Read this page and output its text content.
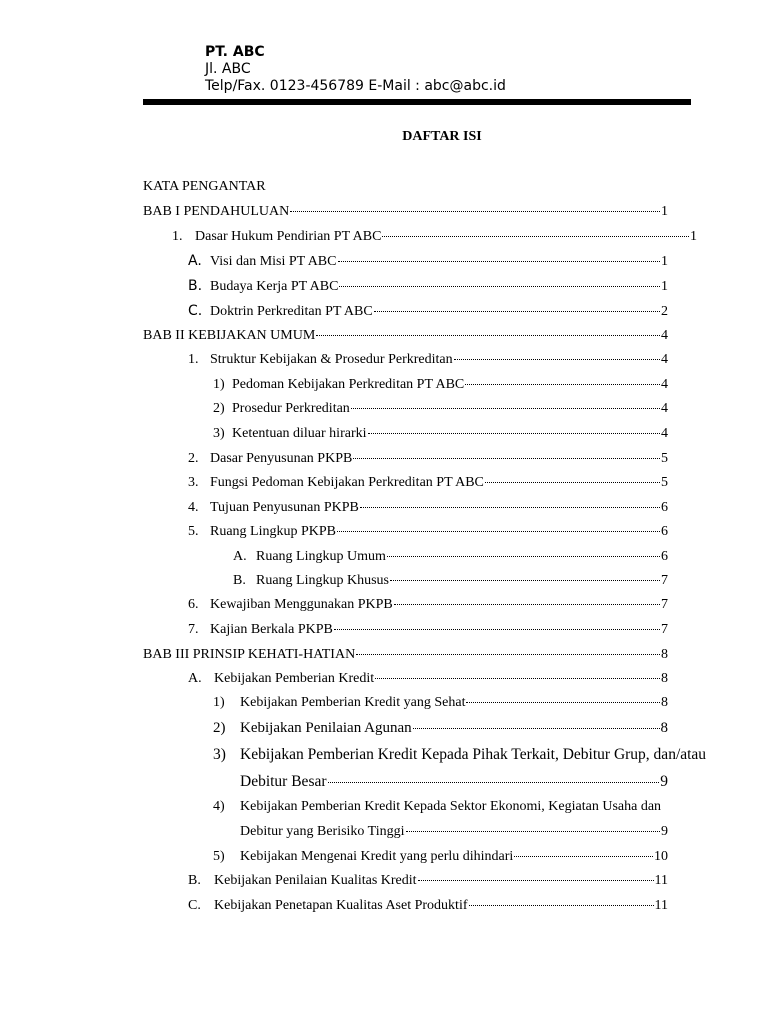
PT. ABC
Jl. ABC
Telp/Fax. 0123-456789 E-Mail : abc@abc.id
DAFTAR ISI
KATA PENGANTAR
BAB I PENDAHULUAN	1
1. Dasar Hukum Pendirian PT ABC	1
A. Visi dan Misi PT ABC	1
B. Budaya Kerja PT ABC	1
C. Doktrin Perkreditan PT ABC	2
BAB II KEBIJAKAN UMUM	4
1. Struktur Kebijakan & Prosedur Perkreditan	4
1) Pedoman Kebijakan Perkreditan PT ABC	4
2) Prosedur Perkreditan	4
3) Ketentuan diluar hirarki	4
2. Dasar Penyusunan PKPB	5
3. Fungsi Pedoman Kebijakan Perkreditan PT ABC	5
4. Tujuan Penyusunan PKPB	6
5. Ruang Lingkup PKPB	6
A. Ruang Lingkup Umum	6
B. Ruang Lingkup Khusus	7
6. Kewajiban Menggunakan PKPB	7
7. Kajian Berkala PKPB	7
BAB III PRINSIP KEHATI-HATIAN	8
A. Kebijakan Pemberian Kredit	8
1)	Kebijakan Pemberian Kredit yang Sehat	8
2) Kebijakan Penilaian Agunan	8
3) Kebijakan Pemberian Kredit Kepada Pihak Terkait, Debitur Grup, dan/atau
Debitur Besar	9
4)	Kebijakan Pemberian Kredit Kepada Sektor Ekonomi, Kegiatan Usaha dan
Debitur yang Berisiko Tinggi	9
5)	Kebijakan Mengenai Kredit yang perlu dihindari	10
B. Kebijakan Penilaian Kualitas Kredit	11
C. Kebijakan Penetapan Kualitas Aset Produktif	11
